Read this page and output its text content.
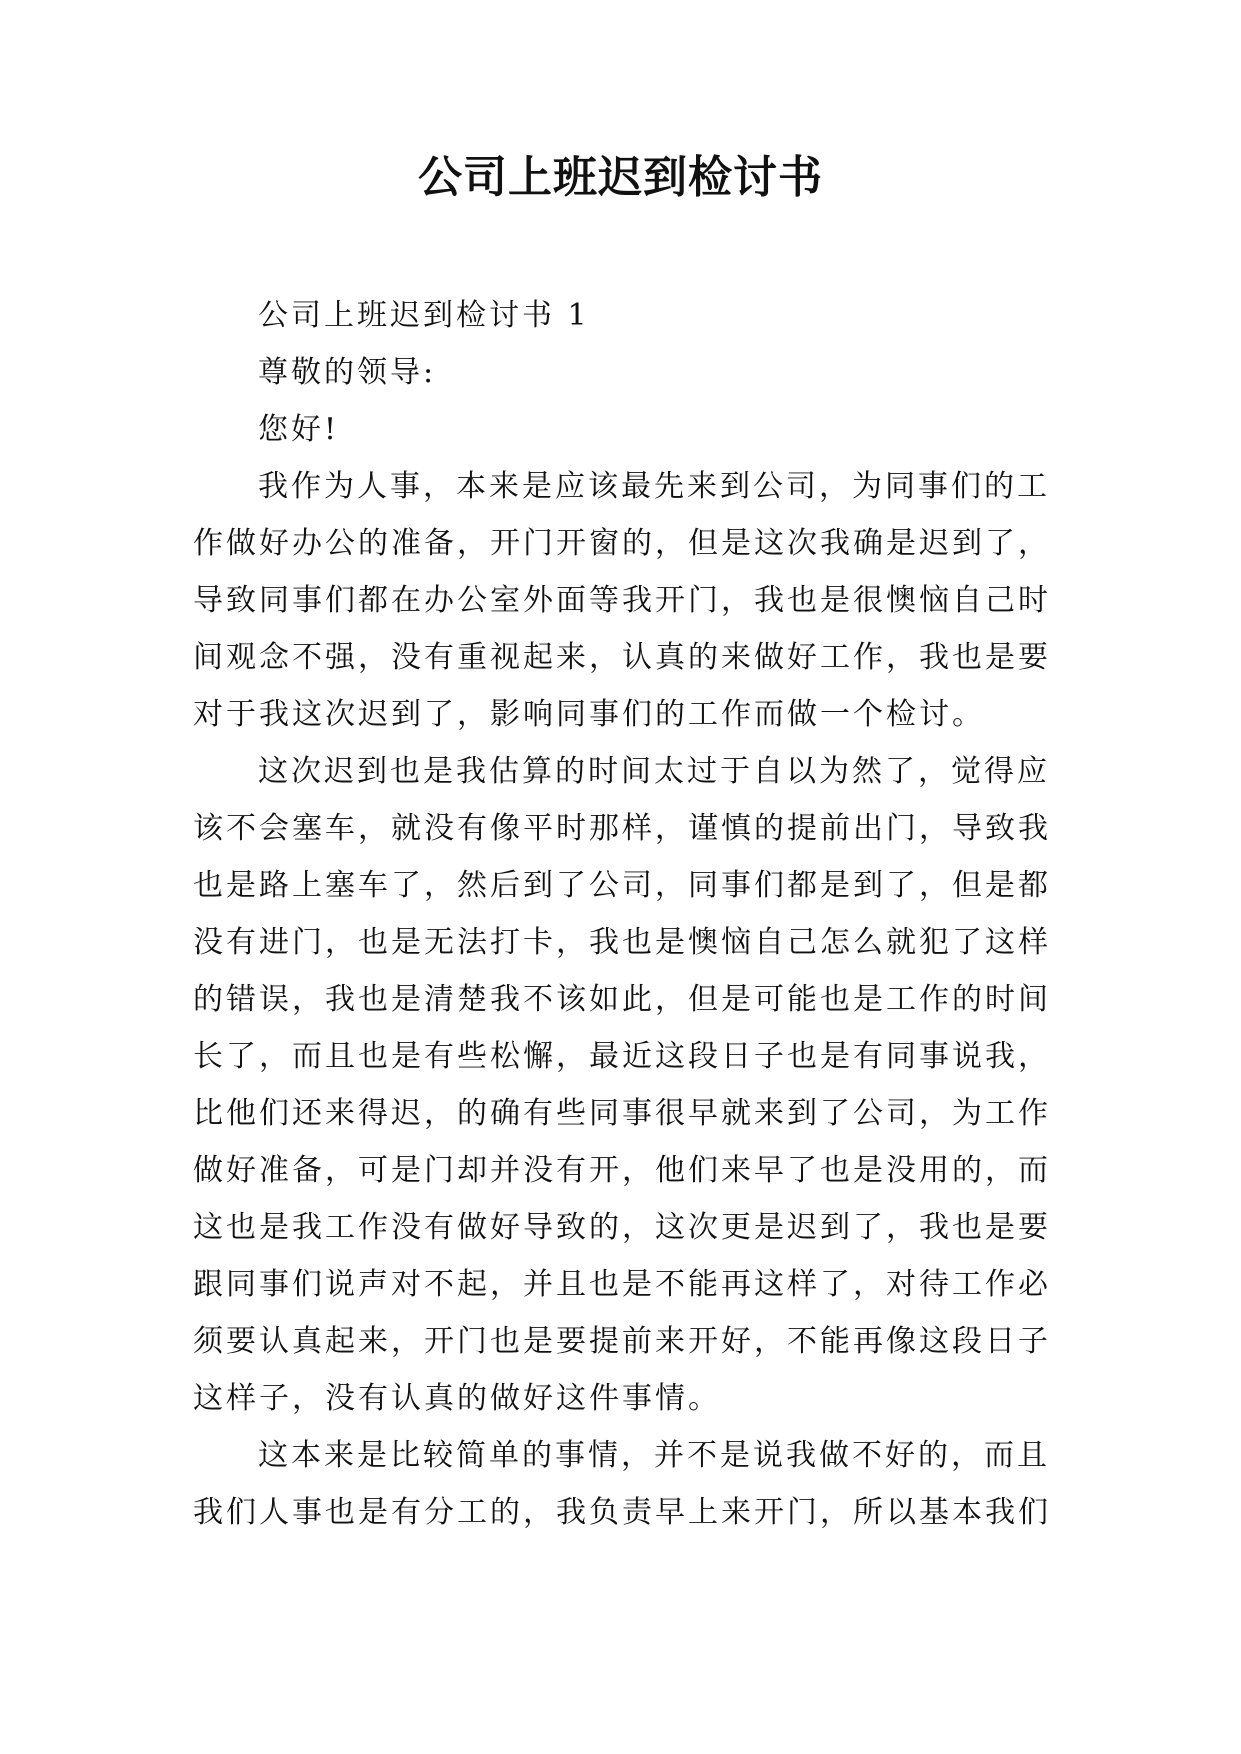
公司上班迟到检讨书

公司上班迟到检讨书 1

尊敬的领导:

您好!

我作为人事，本来是应该最先来到公司，为同事们的工

作做好办公的准备，开门开窗的，但是这次我确是迟到了，

导致同事们都在办公室外面等我开门，我也是很懊恼自己时

间观念不强，没有重视起来，认真的来做好工作，我也是要

对于我这次迟到了，影响同事们的工作而做一个检讨。

这次迟到也是我估算的时间太过于自以为然了，觉得应

该不会塞车，就没有像平时那样，谨慎的提前出门，导致我

也是路上塞车了，然后到了公司，同事们都是到了，但是都

没有进门，也是无法打卡，我也是懊恼自己怎么就犯了这样

的错误，我也是清楚我不该如此，但是可能也是工作的时间

长了，而且也是有些松懈，最近这段日子也是有同事说我，

比他们还来得迟，的确有些同事很早就来到了公司，为工作

做好准备，可是门却并没有开，他们来早了也是没用的，而

这也是我工作没有做好导致的，这次更是迟到了，我也是要

跟同事们说声对不起，并且也是不能再这样了，对待工作必

须要认真起来，开门也是要提前来开好，不能再像这段日子

这样子，没有认真的做好这件事情。

这本来是比较简单的事情，并不是说我做不好的，而且

我们人事也是有分工的，我负责早上来开门，所以基本我们
